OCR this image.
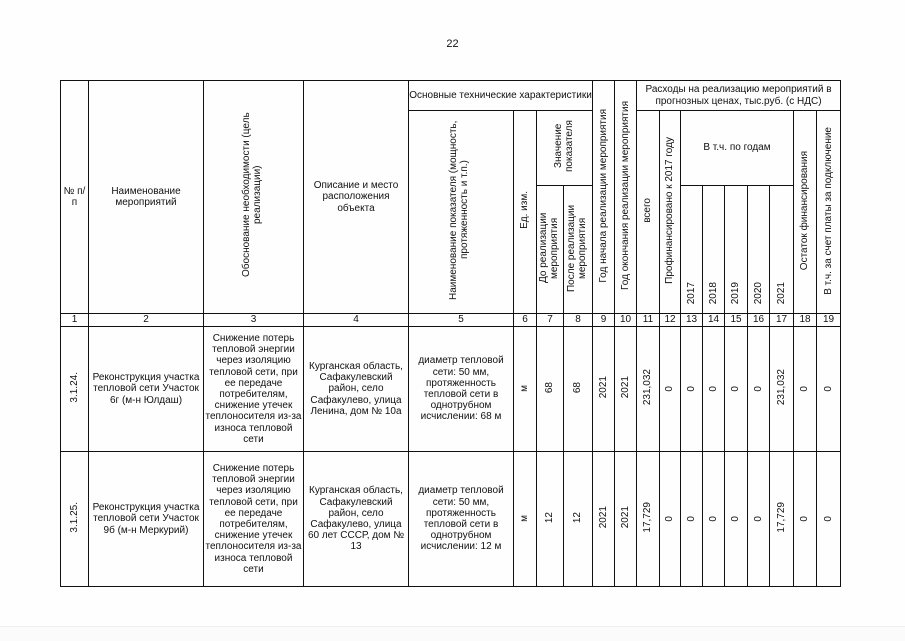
22
№ п/п	Наименование мероприятий	Обоснование необходимости (цель реализации)	Описание и место расположения объекта	Основные технические характеристики				Год начала реализации мероприятия	Год окончания реализации мероприятия	Расходы на реализацию мероприятий в прогнозных ценах, тыс.руб. (с НДС)								
				Наименование показателя (мощность, протяженность и т.п.)	Ед. изм.	Значение показателя				всего	Профинансировано к 2017 году	В т.ч. по годам					Остаток финансирования	В т.ч. за счет платы за подключение
						До реализации мероприятия	После реализации мероприятия					2017	2018	2019	2020	2021		
1	2	3	4	5	6	7	8	9	10	11	12	13	14	15	16	17	18	19
3.1.24.	Реконструкция участка тепловой сети Участок 6г (м-н Юлдаш)	Снижение потерь тепловой энергии через изоляцию тепловой сети, при ее передаче потребителям, снижение утечек теплоносителя из-за износа тепловой сети	Курганская область, Сафакулевский район, село Сафакулево, улица Ленина, дом № 10а	диаметр тепловой сети: 50 мм, протяженность тепловой сети в однотрубном исчислении: 68 м	м	68	68	2021	2021	231,032	0	0	0	0	0	231,032	0	0
3.1.25.	Реконструкция участка тепловой сети Участок 9б (м-н Меркурий)	Снижение потерь тепловой энергии через изоляцию тепловой сети, при ее передаче потребителям, снижение утечек теплоносителя из-за износа тепловой сети	Курганская область, Сафакулевский район, село Сафакулево, улица 60 лет СССР, дом № 13	диаметр тепловой сети: 50 мм, протяженность тепловой сети в однотрубном исчислении: 12 м	м	12	12	2021	2021	17,729	0	0	0	0	0	17,729	0	0
